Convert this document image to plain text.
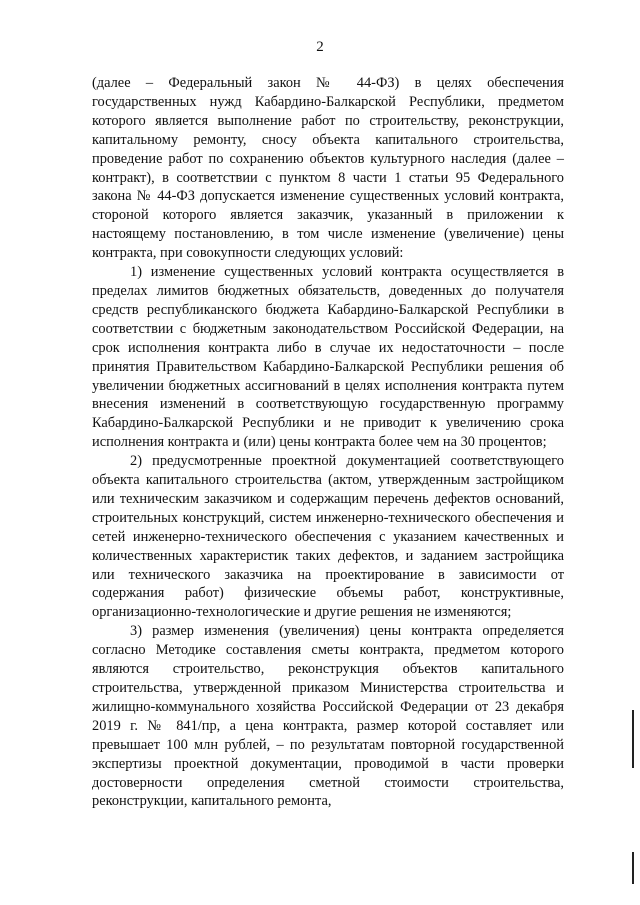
2

(далее – Федеральный закон № 44-ФЗ) в целях обеспечения государственных нужд Кабардино-Балкарской Республики, предметом которого является выполнение работ по строительству, реконструкции, капитальному ремонту, сносу объекта капитального строительства, проведение работ по сохранению объектов культурного наследия (далее – контракт), в соответствии с пунктом 8 части 1 статьи 95 Федерального закона № 44-ФЗ допускается изменение существенных условий контракта, стороной которого является заказчик, указанный в приложении к настоящему постановлению, в том числе изменение (увеличение) цены контракта, при совокупности следующих условий:

1) изменение существенных условий контракта осуществляется в пределах лимитов бюджетных обязательств, доведенных до получателя средств республиканского бюджета Кабардино-Балкарской Республики в соответствии с бюджетным законодательством Российской Федерации, на срок исполнения контракта либо в случае их недостаточности – после принятия Правительством Кабардино-Балкарской Республики решения об увеличении бюджетных ассигнований в целях исполнения контракта путем внесения изменений в соответствующую государственную программу Кабардино-Балкарской Республики и не приводит к увеличению срока исполнения контракта и (или) цены контракта более чем на 30 процентов;

2) предусмотренные проектной документацией соответствующего объекта капитального строительства (актом, утвержденным застройщиком или техническим заказчиком и содержащим перечень дефектов оснований, строительных конструкций, систем инженерно-технического обеспечения и сетей инженерно-технического обеспечения с указанием качественных и количественных характеристик таких дефектов, и заданием застройщика или технического заказчика на проектирование в зависимости от содержания работ) физические объемы работ, конструктивные, организационно-технологические и другие решения не изменяются;

3) размер изменения (увеличения) цены контракта определяется согласно Методике составления сметы контракта, предметом которого являются строительство, реконструкция объектов капитального строительства, утвержденной приказом Министерства строительства и жилищно-коммунального хозяйства Российской Федерации от 23 декабря 2019 г. № 841/пр, а цена контракта, размер которой составляет или превышает 100 млн рублей, – по результатам повторной государственной экспертизы проектной документации, проводимой в части проверки достоверности определения сметной стоимости строительства, реконструкции, капитального ремонта,
